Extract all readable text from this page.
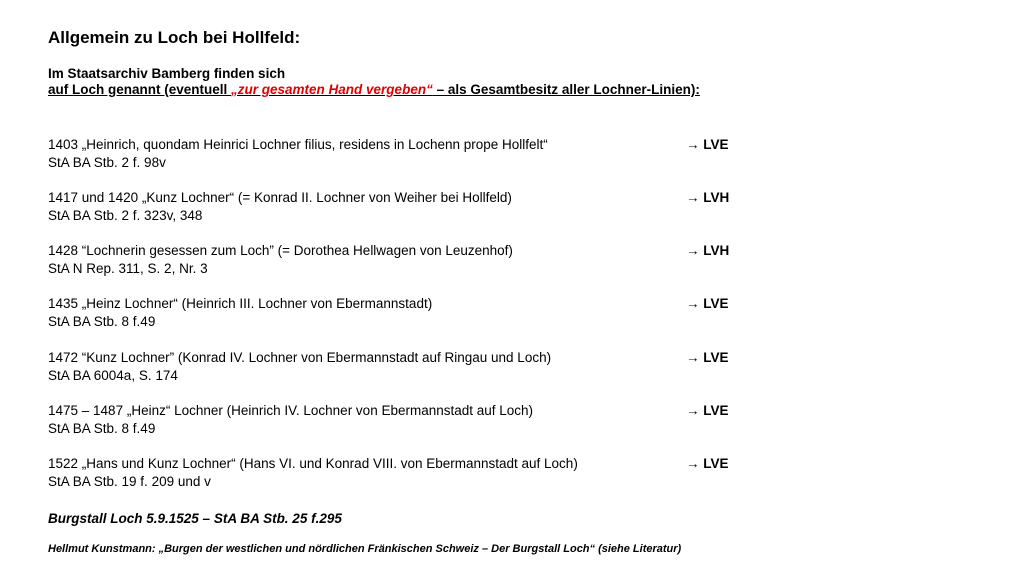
Allgemein zu Loch bei Hollfeld:
Im Staatsarchiv Bamberg finden sich
auf Loch genannt (eventuell „zur gesamten Hand vergeben“ – als Gesamtbesitz aller Lochner-Linien):
1403 „Heinrich, quondam Heinrici Lochner filius, residens in Lochenn prope Hollfelt“
StA BA Stb. 2 f. 98v
→ LVE
1417 und 1420 „Kunz Lochner“ (= Konrad II. Lochner von Weiher bei Hollfeld)
StA BA Stb. 2 f. 323v, 348
→ LVH
1428 “Lochnerin gesessen zum Loch” (= Dorothea Hellwagen von Leuzenhof)
StA N Rep. 311, S. 2, Nr. 3
→ LVH
1435 „Heinz Lochner“ (Heinrich III. Lochner von Ebermannstadt)
StA BA Stb. 8 f.49
→ LVE
1472 “Kunz Lochner” (Konrad IV. Lochner von Ebermannstadt auf Ringau und Loch)
StA BA 6004a, S. 174
→ LVE
1475 – 1487 „Heinz“ Lochner (Heinrich IV. Lochner von Ebermannstadt auf Loch)
StA BA Stb. 8 f.49
→ LVE
1522 „Hans und Kunz Lochner“ (Hans VI. und Konrad VIII. von Ebermannstadt auf Loch)
StA BA Stb. 19 f. 209 und v
→ LVE
Burgstall Loch 5.9.1525 – StA BA Stb. 25 f.295
Hellmut Kunstmann: „Burgen der westlichen und nördlichen Fränkischen Schweiz – Der Burgstall Loch“ (siehe Literatur)
